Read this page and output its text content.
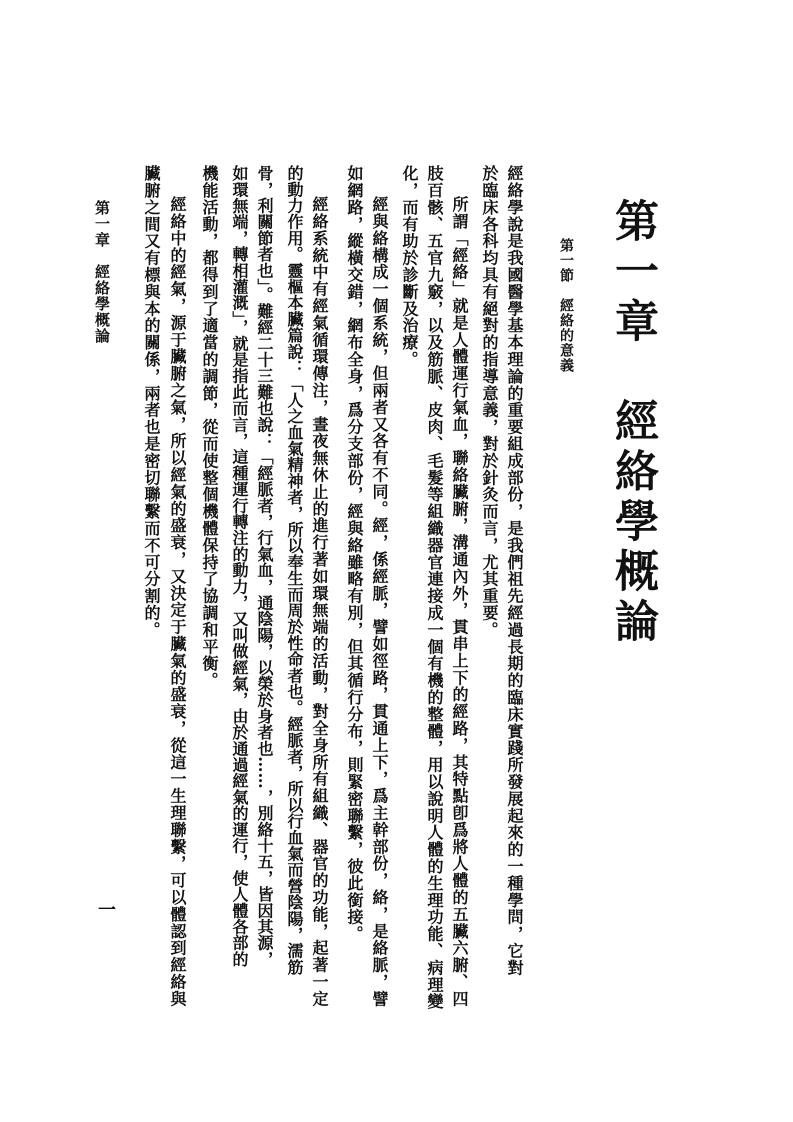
第一章　經絡學概論
第一節　經絡的意義
經絡學說是我國醫學基本理論的重要組成部份，是我們祖先經過長期的臨床實踐所發展起來的一種學問，它對
於臨床各科均具有絕對的指導意義，對於針灸而言，尤其重要。
所謂「經絡」就是人體運行氣血，聯絡臟腑，溝通內外，貫串上下的經路，其特點卽爲將人體的五臟六腑、四
肢百骸、五官九竅，以及筋脈、皮肉、毛髮等組織器官連接成一個有機的整體，用以說明人體的生理功能、病理變
化，而有助於診斷及治療。
經與絡構成一個系統，但兩者又各有不同。經，係經脈，譬如徑路，貫通上下，爲主幹部份，絡，是絡脈，譬
如網路，縱橫交錯，網布全身，爲分支部份，經與絡雖略有別，但其循行分布，則緊密聯繫，彼此銜接。
經絡系統中有經氣循環傳注，晝夜無休止的進行著如環無端的活動，對全身所有組織、器官的功能，起著一定
的動力作用。靈樞本臟篇說：「人之血氣精神者，所以奉生而周於性命者也。經脈者，所以行血氣而營陰陽，濡筋
骨，利關節者也」。難經二十三難也說：「經脈者，行氣血，通陰陽，以榮於身者也……，別絡十五，皆因其源，
如環無端，轉相灌溉」，就是指此而言，這種運行轉注的動力，又叫做經氣，由於通過經氣的運行，使人體各部的
機能活動，都得到了適當的調節，從而使整個機體保持了協調和平衡。
經絡中的經氣，源于臟腑之氣，所以經氣的盛衰，又決定于臟氣的盛衰，從這一生理聯繫，可以體認到經絡與
臟腑之間又有標與本的關係，兩者也是密切聯繫而不可分割的。
第一章　經絡學概論
一
